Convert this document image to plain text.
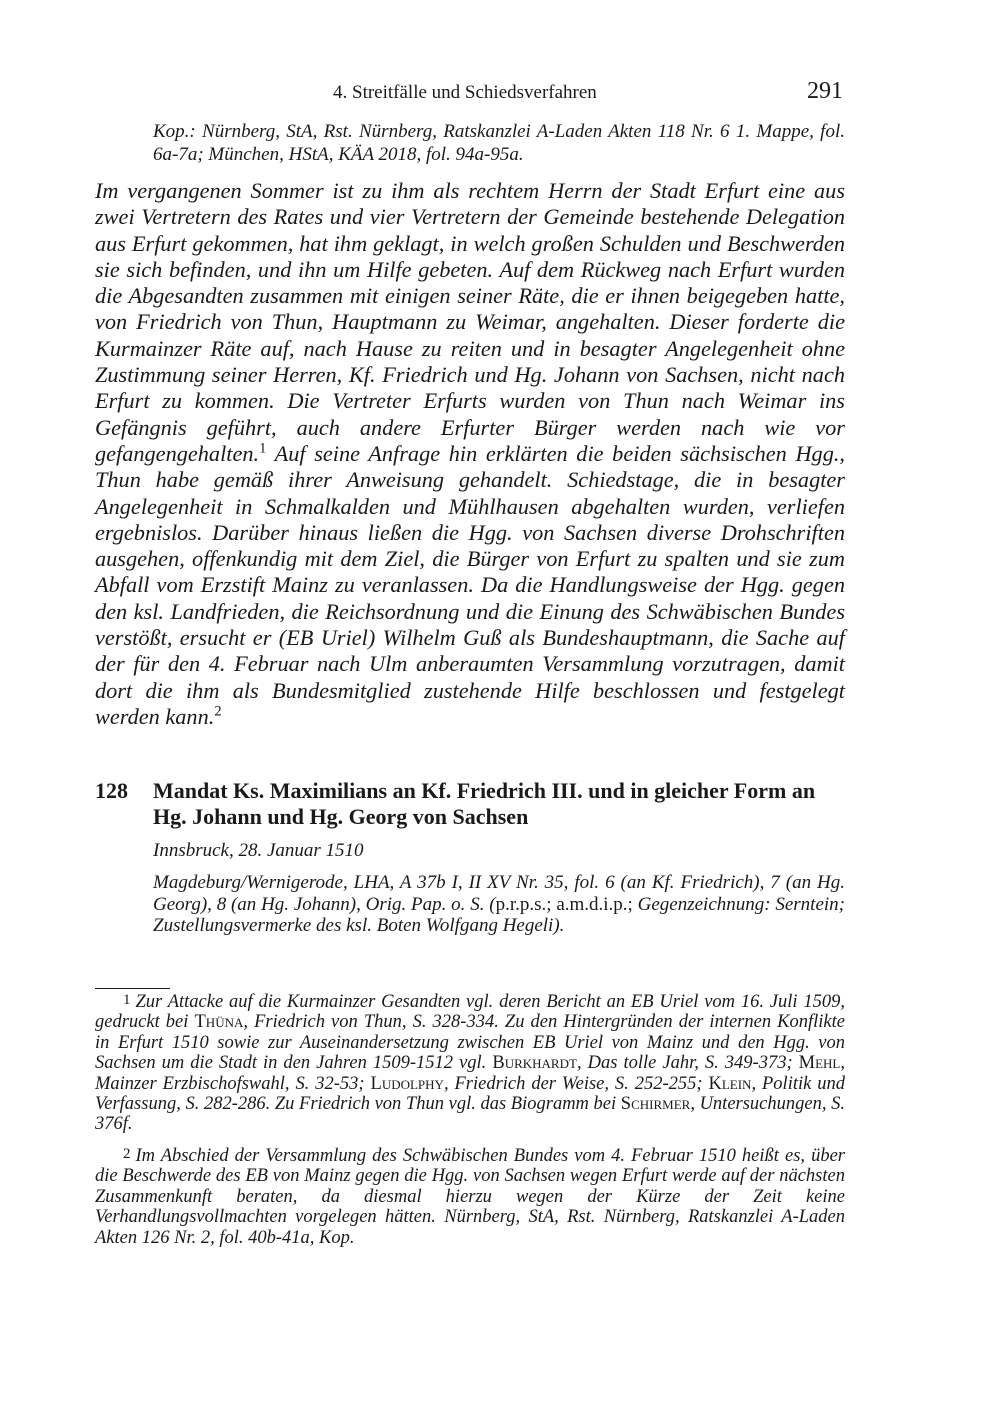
4. Streitfälle und Schiedsverfahren	291

Kop.: Nürnberg, StA, Rst. Nürnberg, Ratskanzlei A-Laden Akten 118 Nr. 6 1. Mappe, fol. 6a-7a; München, HStA, KÄA 2018, fol. 94a-95a.

Im vergangenen Sommer ist zu ihm als rechtem Herrn der Stadt Erfurt eine aus zwei Vertretern des Rates und vier Vertretern der Gemeinde bestehende Delegation aus Erfurt gekommen, hat ihm geklagt, in welch großen Schulden und Beschwerden sie sich befinden, und ihn um Hilfe gebeten. Auf dem Rückweg nach Erfurt wurden die Abgesandten zusammen mit einigen seiner Räte, die er ihnen beigegeben hatte, von Friedrich von Thun, Hauptmann zu Weimar, angehalten. Dieser forderte die Kurmainzer Räte auf, nach Hause zu reiten und in besagter Angelegenheit ohne Zustimmung seiner Herren, Kf. Friedrich und Hg. Johann von Sachsen, nicht nach Erfurt zu kommen. Die Vertreter Erfurts wurden von Thun nach Weimar ins Gefängnis geführt, auch andere Erfurter Bürger werden nach wie vor gefangengehalten.$^1$ Auf seine Anfrage hin erklärten die beiden sächsischen Hgg., Thun habe gemäß ihrer Anweisung gehandelt. Schiedstage, die in besagter Angelegenheit in Schmalkalden und Mühlhausen abgehalten wurden, verliefen ergebnislos. Darüber hinaus ließen die Hgg. von Sachsen diverse Drohschriften ausgehen, offenkundig mit dem Ziel, die Bürger von Erfurt zu spalten und sie zum Abfall vom Erzstift Mainz zu veranlassen. Da die Handlungsweise der Hgg. gegen den ksl. Landfrieden, die Reichsordnung und die Einung des Schwäbischen Bundes verstößt, ersucht er (EB Uriel) Wilhelm Guß als Bundeshauptmann, die Sache auf der für den 4. Februar nach Ulm anberaumten Versammlung vorzutragen, damit dort die ihm als Bundesmitglied zustehende Hilfe beschlossen und festgelegt werden kann.$^2$

128 Mandat Ks. Maximilians an Kf. Friedrich III. und in gleicher Form an Hg. Johann und Hg. Georg von Sachsen
Innsbruck, 28. Januar 1510

Magdeburg/Wernigerode, LHA, A 37b I, II XV Nr. 35, fol. 6 (an Kf. Friedrich), 7 (an Hg. Georg), 8 (an Hg. Johann), Orig. Pap. o. S. (p.r.p.s.; a.m.d.i.p.; Gegenzeichnung: Serntein; Zustellungsvermerke des ksl. Boten Wolfgang Hegeli).

1 Zur Attacke auf die Kurmainzer Gesandten vgl. deren Bericht an EB Uriel vom 16. Juli 1509, gedruckt bei Thüna, Friedrich von Thun, S. 328-334. Zu den Hintergründen der internen Konflikte in Erfurt 1510 sowie zur Auseinandersetzung zwischen EB Uriel von Mainz und den Hgg. von Sachsen um die Stadt in den Jahren 1509-1512 vgl. Burkhardt, Das tolle Jahr, S. 349-373; Mehl, Mainzer Erzbischofswahl, S. 32-53; Ludolphy, Friedrich der Weise, S. 252-255; Klein, Politik und Verfassung, S. 282-286. Zu Friedrich von Thun vgl. das Biogramm bei Schirmer, Untersuchungen, S. 376f.

2 Im Abschied der Versammlung des Schwäbischen Bundes vom 4. Februar 1510 heißt es, über die Beschwerde des EB von Mainz gegen die Hgg. von Sachsen wegen Erfurt werde auf der nächsten Zusammenkunft beraten, da diesmal hierzu wegen der Kürze der Zeit keine Verhandlungsvollmachten vorgelegen hätten. Nürnberg, StA, Rst. Nürnberg, Ratskanzlei A-Laden Akten 126 Nr. 2, fol. 40b-41a, Kop.
